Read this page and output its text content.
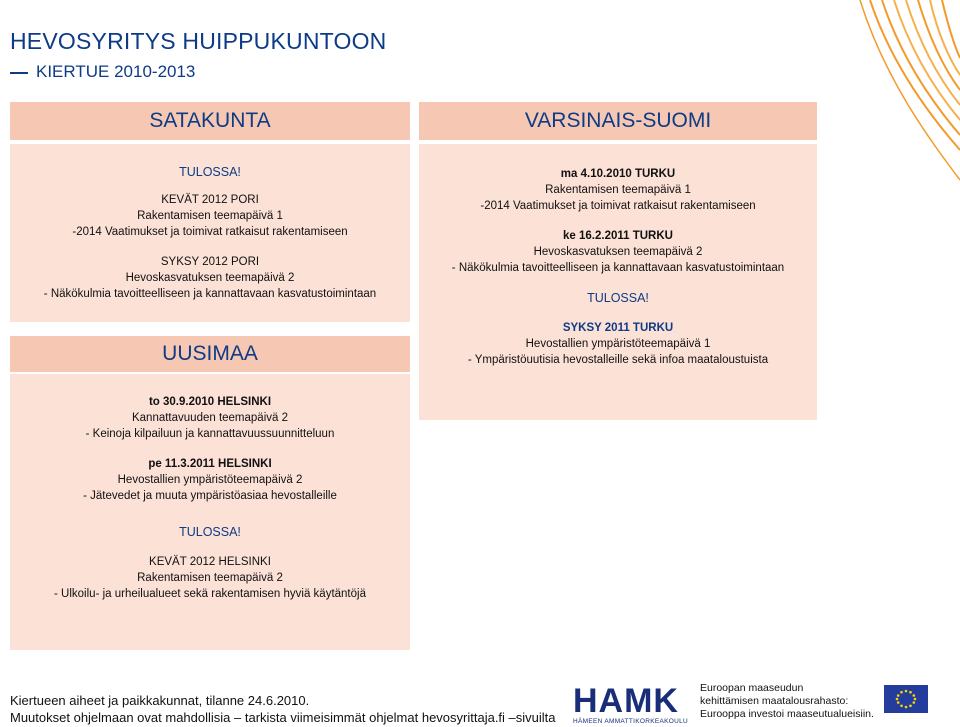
HEVOSYRITYS HUIPPUKUNTOON
KIERTUE 2010-2013
SATAKUNTA
TULOSSA!
KEVÄT 2012 PORI
Rakentamisen teemapäivä 1
-2014 Vaatimukset ja toimivat ratkaisut rakentamiseen
SYKSY 2012 PORI
Hevoskasvatuksen teemapäivä 2
- Näkökulmia tavoitteelliseen ja kannattavaan kasvatustoimintaan
UUSIMAA
to 30.9.2010 HELSINKI
Kannattavuuden teemapäivä 2
- Keinoja kilpailuun ja kannattavuussuunnitteluun
pe 11.3.2011 HELSINKI
Hevostallien ympäristöteemapäivä 2
- Jätevedet ja muuta ympäristöasiaa hevostalleille
TULOSSA!
KEVÄT 2012 HELSINKI
Rakentamisen teemapäivä 2
- Ulkoilu- ja urheilualueet sekä rakentamisen hyviä käytäntöjä
VARSINAIS-SUOMI
ma 4.10.2010 TURKU
Rakentamisen teemapäivä 1
-2014 Vaatimukset ja toimivat ratkaisut rakentamiseen
ke 16.2.2011 TURKU
Hevoskasvatuksen teemapäivä 2
- Näkökulmia tavoitteelliseen ja kannattavaan kasvatustoimintaan
TULOSSA!
SYKSY 2011 TURKU
Hevostallien ympäristöteemapäivä 1
- Ympäristöuutisia hevostalleille sekä infoa maataloustuista
Kiertueen aiheet ja paikkakunnat, tilanne 24.6.2010.
Muutokset ohjelmaan ovat mahdollisia – tarkista viimeisimmät ohjelmat hevosyrittaja.fi –sivuilta HAMK
HÄMEEN AMMATTIKORKEAKOULU
Euroopan maaseudun
kehittämisen maatalousrahasto:
Eurooppa investoi maaseutualueisiin.
